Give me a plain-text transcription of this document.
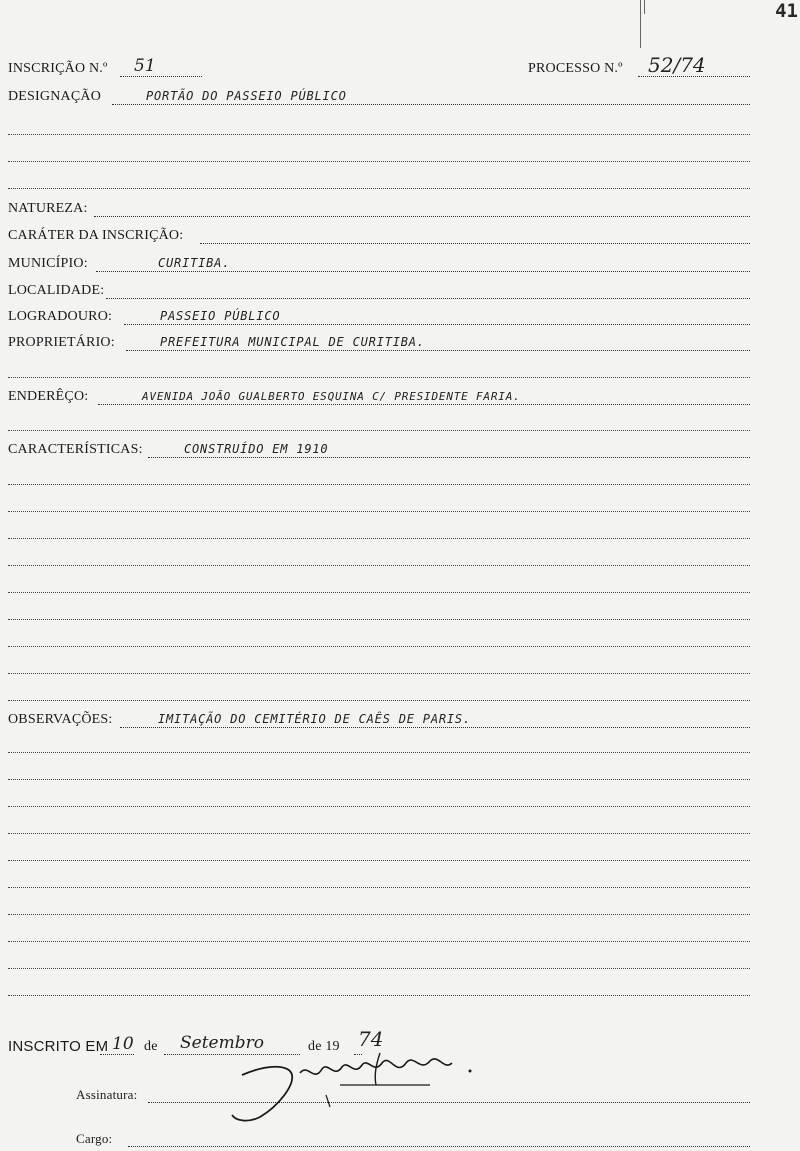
41
INSCRIÇÃO N.º 51	PROCESSO N.º 52/74
DESIGNAÇÃO	PORTÃO DO PASSEIO PÚBLICO
NATUREZA:
CARÁTER DA INSCRIÇÃO:
MUNICÍPIO:	CURITIBA.
LOCALIDADE:
LOGRADOURO:	PASSEIO PÚBLICO
PROPRIETÁRIO:	PREFEITURA MUNICIPAL DE CURITIBA.
ENDERÊÇO:	AVENIDA JOÃO GUALBERTO ESQUINA C/ PRESIDENTE FARIA.
CARACTERÍSTICAS:	CONSTRUÍDO EM 1910
OBSERVAÇÕES:	IMITAÇÃO DO CEMITÉRIO DE CAÊS DE PARIS.
INSCRITO EM 10 de Setembro	de 19 74
Assinatura:
Cargo:
